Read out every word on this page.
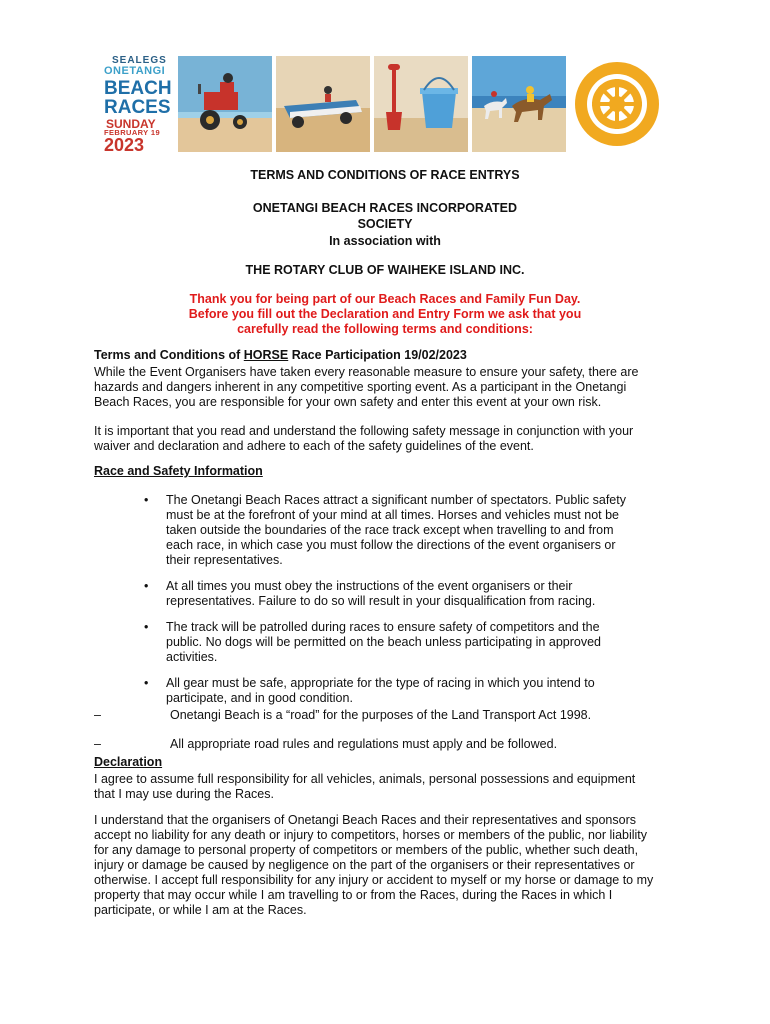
SEALEGS
ONETANGI
BEACH
RACES
SUNDAY
FEBRUARY 19
2023
TERMS AND CONDITIONS OF RACE ENTRYS
ONETANGI BEACH RACES INCORPORATED
SOCIETY
In association with
THE ROTARY CLUB OF WAIHEKE ISLAND INC.
Thank you for being part of our Beach Races and Family Fun Day.
Before you fill out the Declaration and Entry Form we ask that you
carefully read the following terms and conditions:
Terms and Conditions of HORSE Race Participation 19/02/2023
While the Event Organisers have taken every reasonable measure to ensure your safety, there are
hazards and dangers inherent in any competitive sporting event. As a participant in the Onetangi
Beach Races, you are responsible for your own safety and enter this event at your own risk.
It is important that you read and understand the following safety message in conjunction with your
waiver and declaration and adhere to each of the safety guidelines of the event.
Race and Safety Information
• The Onetangi Beach Races attract a significant number of spectators. Public safety
must be at the forefront of your mind at all times. Horses and vehicles must not be
taken outside the boundaries of the race track except when travelling to and from
each race, in which case you must follow the directions of the event organisers or
their representatives.
• At all times you must obey the instructions of the event organisers or their
representatives. Failure to do so will result in your disqualification from racing.
• The track will be patrolled during races to ensure safety of competitors and the
public. No dogs will be permitted on the beach unless participating in approved
activities.
• All gear must be safe, appropriate for the type of racing in which you intend to
participate, and in good condition.
–	Onetangi Beach is a “road” for the purposes of the Land Transport Act 1998.
–	All appropriate road rules and regulations must apply and be followed.
Declaration
I agree to assume full responsibility for all vehicles, animals, personal possessions and equipment
that I may use during the Races.
I understand that the organisers of Onetangi Beach Races and their representatives and sponsors
accept no liability for any death or injury to competitors, horses or members of the public, nor liability
for any damage to personal property of competitors or members of the public, whether such death,
injury or damage be caused by negligence on the part of the organisers or their representatives or
otherwise. I accept full responsibility for any injury or accident to myself or my horse or damage to my
property that may occur while I am travelling to or from the Races, during the Races in which I
participate, or while I am at the Races.
